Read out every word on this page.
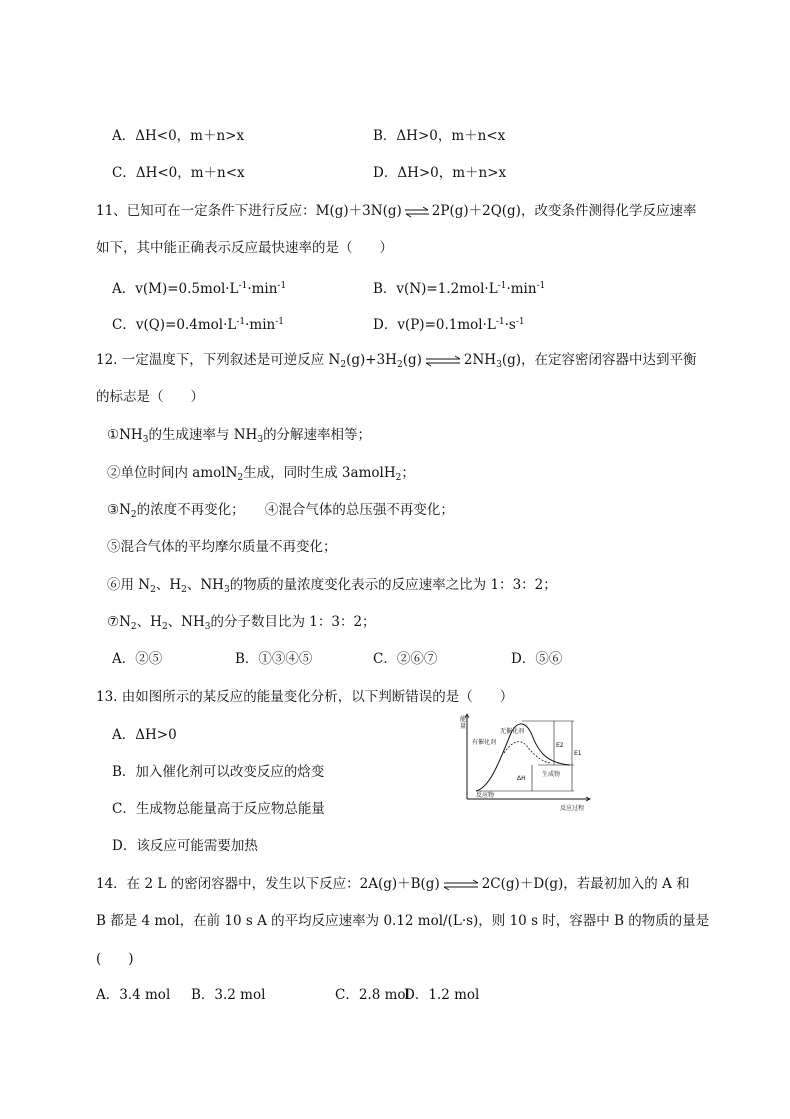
A．ΔH<0，m＋n>x	B．ΔH>0，m＋n<x
C．ΔH<0，m＋n<x	D．ΔH>0，m＋n>x
11、已知可在一定条件下进行反应：M(g)＋3N(g) ⇌ 2P(g)＋2Q(g)，改变条件测得化学反应速率
如下，其中能正确表示反应最快速率的是（　　）
A．$v(M)=0.5mol\cdot L^{-1}\cdot\min^{-1}$	B．$v(N)=1.2mol\cdot L^{-1}\cdot\min^{-1}$
C．$v(Q)=0.4mol\cdot L^{-1}\cdot\min^{-1}$	D．$v(P)=0.1mol\cdot L^{-1}\cdot s^{-1}$
12. 一定温度下，下列叙述是可逆反应 $N_2(g)+3H_2(g)$ ⇌ $2NH_3(g)$，在定容密闭容器中达到平衡
的标志是（　　）
$①NH_3$的生成速率与 $NH_3$的分解速率相等；
②单位时间内 amolN$_2$生成，同时生成 3amolH$_2$；
$③N_2$的浓度不再变化；　　④混合气体的总压强不再变化；
⑤混合气体的平均摩尔质量不再变化；
⑥用 $N_2$、$H_2$、$NH_3$的物质的量浓度变化表示的反应速率之比为 1：3：2；
$⑦N_2$、$H_2$、$NH_3$的分子数目比为 1：3：2；
A．②⑤	B．①③④⑤	C．②⑥⑦	D．⑤⑥
13. 由如图所示的某反应的能量变化分析，以下判断错误的是（　　）
A．ΔH>0
B．加入催化剂可以改变反应的焓变
C．生成物总能量高于反应物总能量
D．该反应可能需要加热
能
量
反应过程
无催化剂
有催化剂	E2
E1
ΔH
生成物
反应物
14．在 2 L 的密闭容器中，发生以下反应：2A(g)＋B(g) ⇌ 2C(g)＋D(g)，若最初加入的 A 和
B 都是 4 mol，在前 10 s A 的平均反应速率为 0.12 mol/(L·s)，则 10 s 时，容器中 B 的物质的量是
(　　)
A．3.4 mol B．3.2 mol	C．2.8 mol
D．1.2 mol
